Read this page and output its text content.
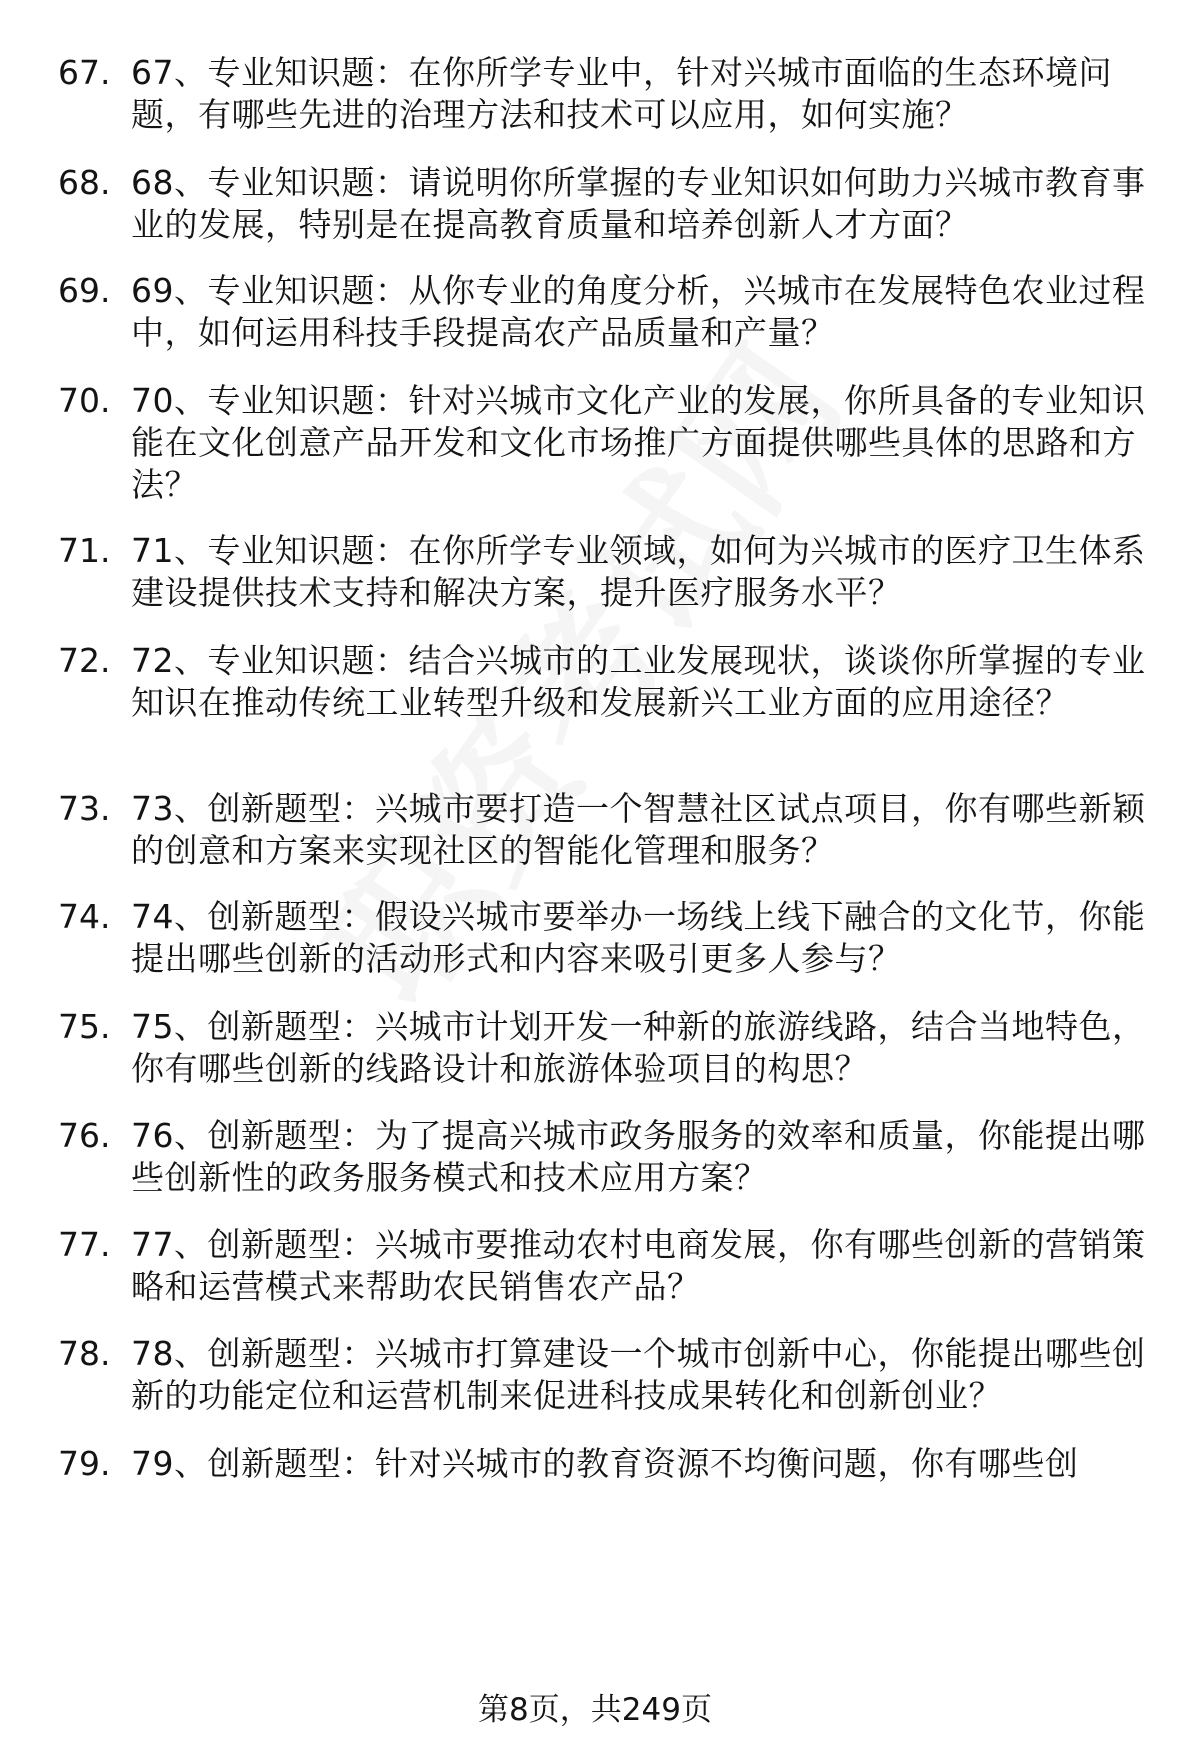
67. 67、专业知识题：在你所学专业中，针对兴城市面临的生态环境问题，有哪些先进的治理方法和技术可以应用，如何实施？
68. 68、专业知识题：请说明你所掌握的专业知识如何助力兴城市教育事业的发展，特别是在提高教育质量和培养创新人才方面？
69. 69、专业知识题：从你专业的角度分析，兴城市在发展特色农业过程中，如何运用科技手段提高农产品质量和产量？
70. 70、专业知识题：针对兴城市文化产业的发展，你所具备的专业知识能在文化创意产品开发和文化市场推广方面提供哪些具体的思路和方法？
71. 71、专业知识题：在你所学专业领域，如何为兴城市的医疗卫生体系建设提供技术支持和解决方案，提升医疗服务水平？
72. 72、专业知识题：结合兴城市的工业发展现状，谈谈你所掌握的专业知识在推动传统工业转型升级和发展新兴工业方面的应用途径？
73. 73、创新题型：兴城市要打造一个智慧社区试点项目，你有哪些新颖的创意和方案来实现社区的智能化管理和服务？
74. 74、创新题型：假设兴城市要举办一场线上线下融合的文化节，你能提出哪些创新的活动形式和内容来吸引更多人参与？
75. 75、创新题型：兴城市计划开发一种新的旅游线路，结合当地特色，你有哪些创新的线路设计和旅游体验项目的构思？
76. 76、创新题型：为了提高兴城市政务服务的效率和质量，你能提出哪些创新性的政务服务模式和技术应用方案？
77. 77、创新题型：兴城市要推动农村电商发展，你有哪些创新的营销策略和运营模式来帮助农民销售农产品？
78. 78、创新题型：兴城市打算建设一个城市创新中心，你能提出哪些创新的功能定位和运营机制来促进科技成果转化和创新创业？
79. 79、创新题型：针对兴城市的教育资源不均衡问题，你有哪些创
第8页，共249页
